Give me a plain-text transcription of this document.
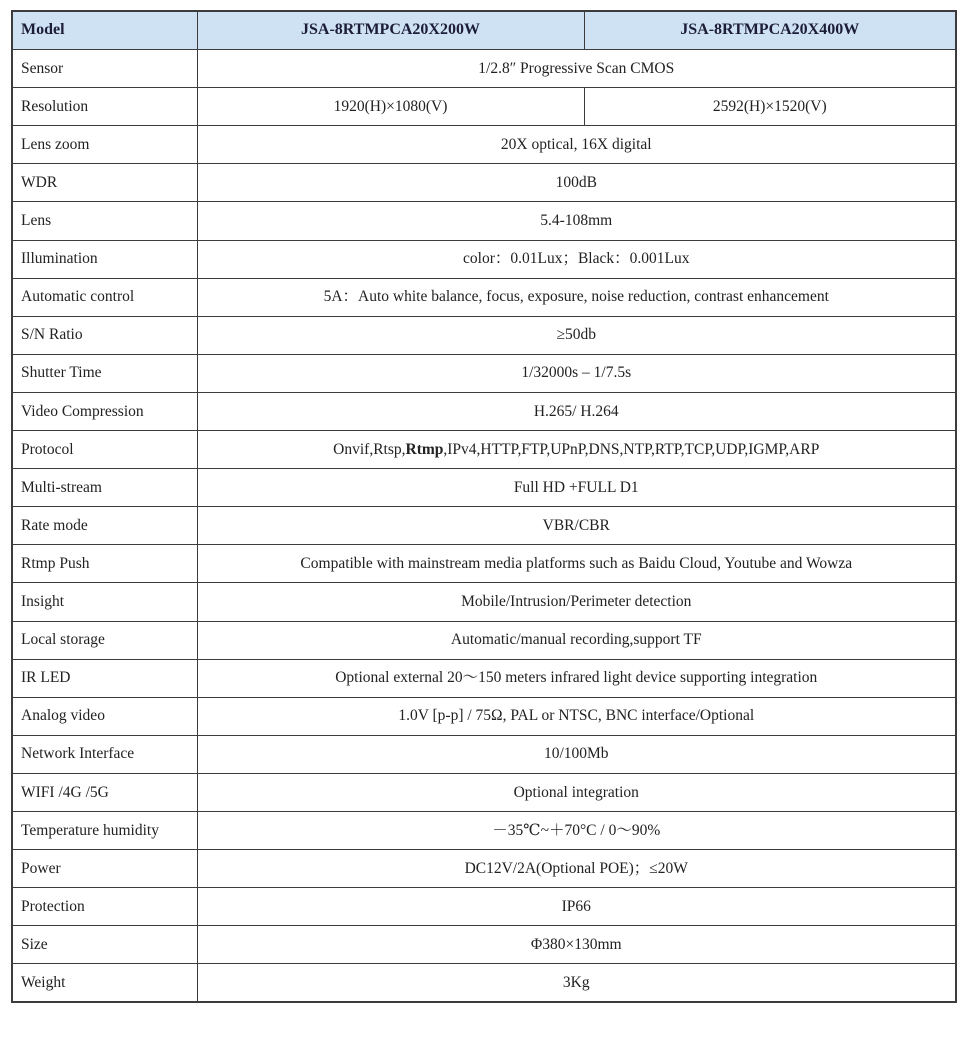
Model	JSA-8RTMPCA20X200W	JSA-8RTMPCA20X400W
Sensor	1/2.8″ Progressive Scan CMOS	
Resolution	1920(H)×1080(V)	2592(H)×1520(V)
Lens zoom	20X optical, 16X digital	
WDR	100dB	
Lens	5.4-108mm	
Illumination	color：0.01Lux；Black：0.001Lux	
Automatic control	5A：Auto white balance, focus, exposure, noise reduction, contrast enhancement	
S/N Ratio	≥50db	
Shutter Time	1/32000s – 1/7.5s	
Video Compression	H.265/ H.264	
Protocol	Onvif,Rtsp,Rtmp,IPv4,HTTP,FTP,UPnP,DNS,NTP,RTP,TCP,UDP,IGMP,ARP	
Multi-stream	Full HD +FULL D1	
Rate mode	VBR/CBR	
Rtmp Push	Compatible with mainstream media platforms such as Baidu Cloud, Youtube and Wowza	
Insight	Mobile/Intrusion/Perimeter detection	
Local storage	Automatic/manual recording,support TF	
IR LED	Optional external 20～150 meters infrared light device supporting integration	
Analog video	1.0V [p-p] / 75Ω, PAL or NTSC, BNC interface/Optional	
Network Interface	10/100Mb	
WIFI /4G /5G	Optional integration	
Temperature humidity	－35℃~＋70°C / 0～90%	
Power	DC12V/2A(Optional POE)；≤20W	
Protection	IP66	
Size	Φ380×130mm	
Weight	3Kg	
